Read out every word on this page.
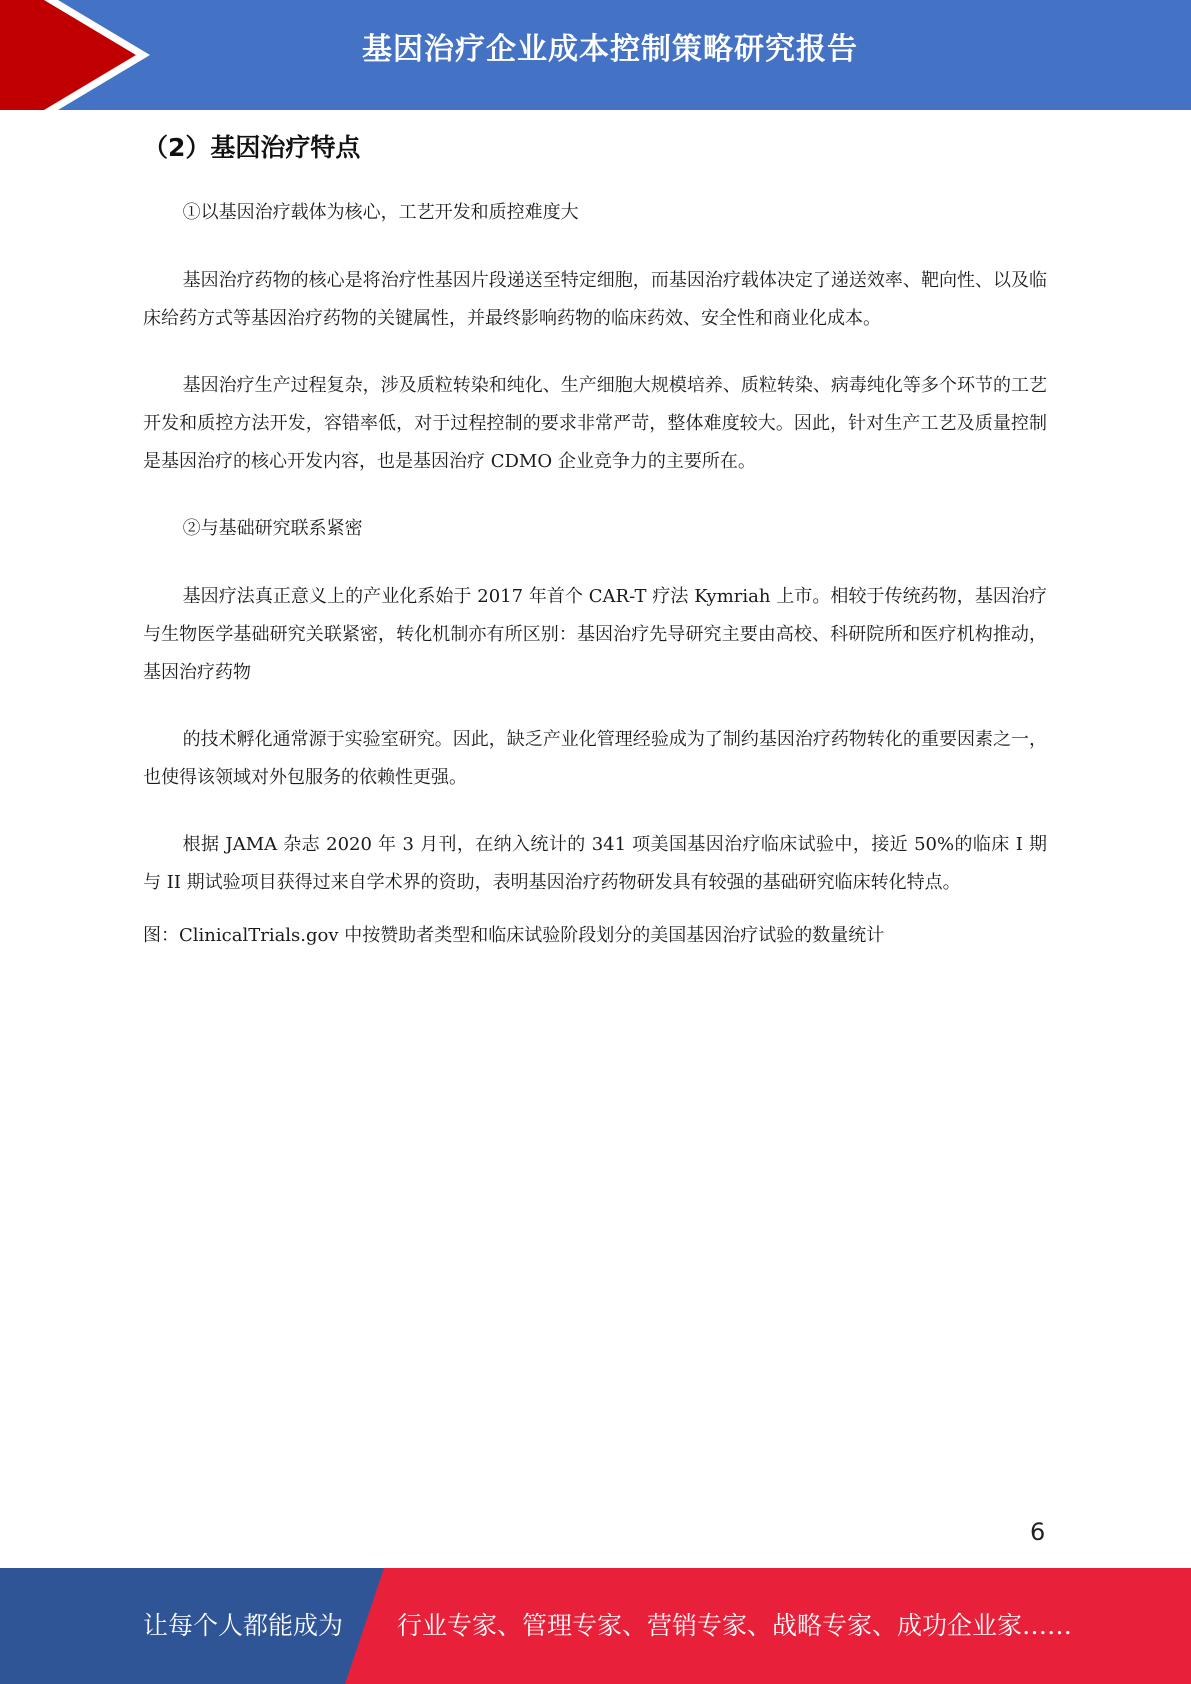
基因治疗企业成本控制策略研究报告
（2）基因治疗特点

①以基因治疗载体为核心，工艺开发和质控难度大

基因治疗药物的核心是将治疗性基因片段递送至特定细胞，而基因治疗载体决定了递送效率、靶向性、以及临床给药方式等基因治疗药物的关键属性，并最终影响药物的临床药效、安全性和商业化成本。

基因治疗生产过程复杂，涉及质粒转染和纯化、生产细胞大规模培养、质粒转染、病毒纯化等多个环节的工艺开发和质控方法开发，容错率低，对于过程控制的要求非常严苛，整体难度较大。因此，针对生产工艺及质量控制是基因治疗的核心开发内容，也是基因治疗 CDMO 企业竞争力的主要所在。

②与基础研究联系紧密

基因疗法真正意义上的产业化系始于 2017 年首个 CAR-T 疗法 Kymriah 上市。相较于传统药物，基因治疗与生物医学基础研究关联紧密，转化机制亦有所区别：基因治疗先导研究主要由高校、科研院所和医疗机构推动，基因治疗药物

的技术孵化通常源于实验室研究。因此，缺乏产业化管理经验成为了制约基因治疗药物转化的重要因素之一，也使得该领域对外包服务的依赖性更强。

根据 JAMA 杂志 2020 年 3 月刊，在纳入统计的 341 项美国基因治疗临床试验中，接近 50%的临床 I 期与 II 期试验项目获得过来自学术界的资助，表明基因治疗药物研发具有较强的基础研究临床转化特点。

图：ClinicalTrials.gov 中按赞助者类型和临床试验阶段划分的美国基因治疗试验的数量统计

6
让每个人都能成为 行业专家、管理专家、营销专家、战略专家、成功企业家……
